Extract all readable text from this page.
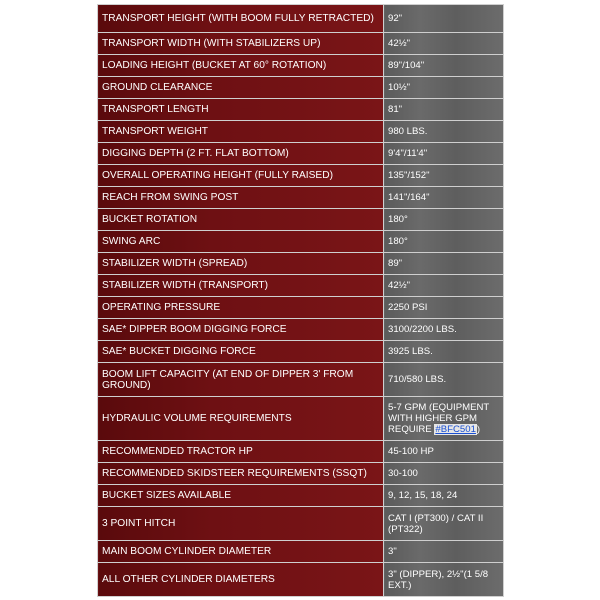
TRANSPORT HEIGHT (WITH BOOM FULLY RETRACTED)	92"
TRANSPORT WIDTH (WITH STABILIZERS UP)	42½"
LOADING HEIGHT (BUCKET AT 60° ROTATION)	89"/104"
GROUND CLEARANCE	10½"
TRANSPORT LENGTH	81"
TRANSPORT WEIGHT	980 LBS.
DIGGING DEPTH (2 FT. FLAT BOTTOM)	9'4"/11'4"
OVERALL OPERATING HEIGHT (FULLY RAISED)	135"/152"
REACH FROM SWING POST	141"/164"
BUCKET ROTATION	180°
SWING ARC	180°
STABILIZER WIDTH (SPREAD)	89"
STABILIZER WIDTH (TRANSPORT)	42½"
OPERATING PRESSURE	2250 PSI
SAE* DIPPER BOOM DIGGING FORCE	3100/2200 LBS.
SAE* BUCKET DIGGING FORCE	3925 LBS.
BOOM LIFT CAPACITY (AT END OF DIPPER 3' FROM GROUND)	710/580 LBS.
HYDRAULIC VOLUME REQUIREMENTS	5-7 GPM (EQUIPMENT WITH HIGHER GPM REQUIRE #BFC501)
RECOMMENDED TRACTOR HP	45-100 HP
RECOMMENDED SKIDSTEER REQUIREMENTS (SSQT)	30-100
BUCKET SIZES AVAILABLE	9, 12, 15, 18, 24
3 POINT HITCH	CAT I (PT300) / CAT II (PT322)
MAIN BOOM CYLINDER DIAMETER	3"
ALL OTHER CYLINDER DIAMETERS	3" (DIPPER), 2½"(1 5/8 EXT.)
